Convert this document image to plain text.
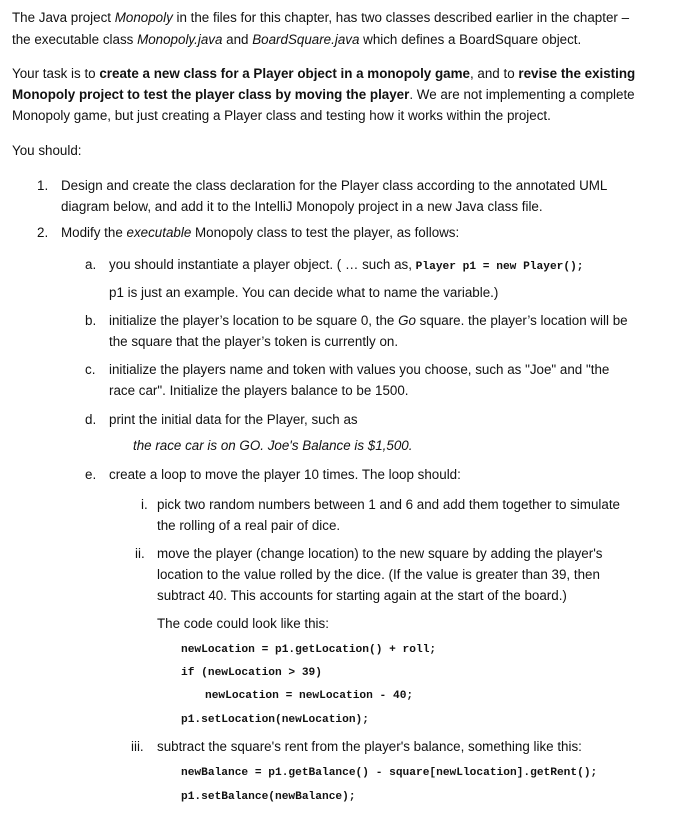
The Java project Monopoly in the files for this chapter, has two classes described earlier in the chapter –
the executable class Monopoly.java and BoardSquare.java which defines a BoardSquare object.
Your task is to create a new class for a Player object in a monopoly game, and to revise the existing
Monopoly project to test the player class by moving the player. We are not implementing a complete
Monopoly game, but just creating a Player class and testing how it works within the project.
You should:
1. Design and create the class declaration for the Player class according to the annotated UML
diagram below, and add it to the IntelliJ Monopoly project in a new Java class file.
2. Modify the executable Monopoly class to test the player, as follows:
a. you should instantiate a player object. ( … such as, Player p1 = new Player();
p1 is just an example. You can decide what to name the variable.)
b. initialize the player’s location to be square 0, the Go square. the player’s location will be
the square that the player’s token is currently on.
c. initialize the players name and token with values you choose, such as "Joe" and "the
race car". Initialize the players balance to be 1500.
d. print the initial data for the Player, such as
the race car is on GO. Joe's Balance is $1,500.
e. create a loop to move the player 10 times. The loop should:
i. pick two random numbers between 1 and 6 and add them together to simulate
the rolling of a real pair of dice.
ii. move the player (change location) to the new square by adding the player's
location to the value rolled by the dice. (If the value is greater than 39, then
subtract 40. This accounts for starting again at the start of the board.)
The code could look like this:
newLocation = p1.getLocation() + roll;
if (newLocation > 39)
newLocation = newLocation - 40;
p1.setLocation(newLocation);
iii. subtract the square's rent from the player's balance, something like this:
newBalance = p1.getBalance() - square[newLlocation].getRent();
p1.setBalance(newBalance);
